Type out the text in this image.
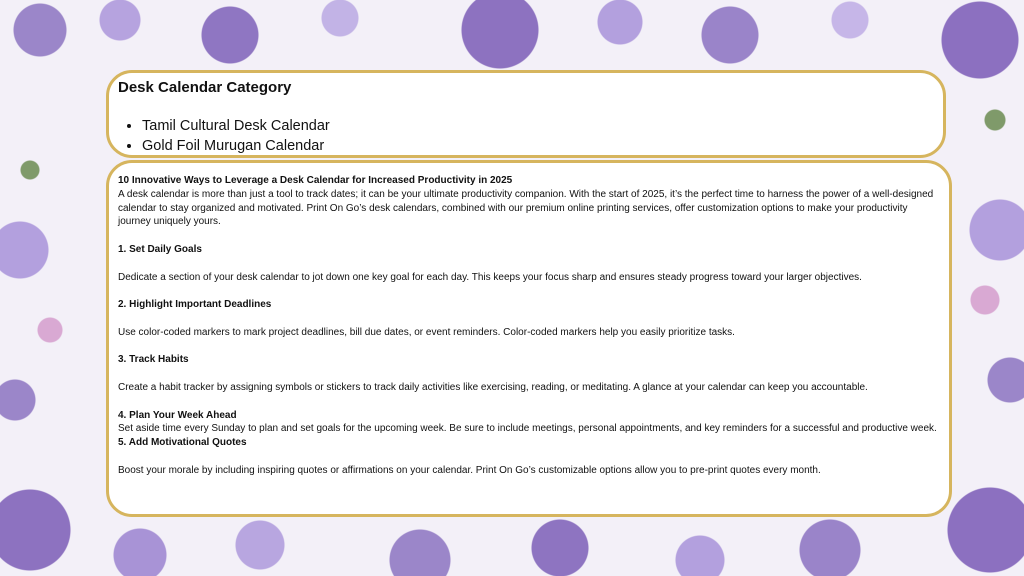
Desk Calendar Category
• Tamil Cultural Desk Calendar
• Gold Foil Murugan Calendar

10 Innovative Ways to Leverage a Desk Calendar for Increased Productivity in 2025

A desk calendar is more than just a tool to track dates; it can be your ultimate productivity companion. With the start of 2025, it’s the perfect time to harness the power of a well-designed calendar to stay organized and motivated. Print On Go’s desk calendars, combined with our premium online printing services, offer customization options to make your productivity journey uniquely yours.

1. Set Daily Goals

Dedicate a section of your desk calendar to jot down one key goal for each day. This keeps your focus sharp and ensures steady progress toward your larger objectives.

2. Highlight Important Deadlines

Use color-coded markers to mark project deadlines, bill due dates, or event reminders. Color-coded markers help you easily prioritize tasks.

3. Track Habits

Create a habit tracker by assigning symbols or stickers to track daily activities like exercising, reading, or meditating. A glance at your calendar can keep you accountable.

4. Plan Your Week Ahead

Set aside time every Sunday to plan and set goals for the upcoming week. Be sure to include meetings, personal appointments, and key reminders for a successful and productive week.

5. Add Motivational Quotes

Boost your morale by including inspiring quotes or affirmations on your calendar. Print On Go’s customizable options allow you to pre-print quotes every month.
